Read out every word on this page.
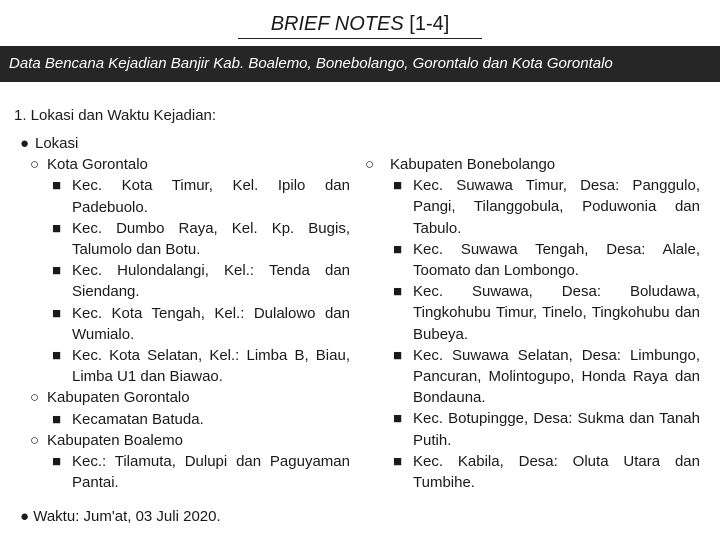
BRIEF NOTES [1-4]
Data Bencana Kejadian Banjir Kab. Boalemo, Bonebolango, Gorontalo dan Kota Gorontalo
1. Lokasi dan Waktu Kejadian:
● Lokasi
○ Kota Gorontalo
■ Kec. Kota Timur, Kel. Ipilo dan Padebuolo.
■ Kec. Dumbo Raya, Kel. Kp. Bugis, Talumolo dan Botu.
■ Kec. Hulondalangi, Kel.: Tenda dan Siendang.
■ Kec. Kota Tengah, Kel.: Dulalowo dan Wumialo.
■ Kec. Kota Selatan, Kel.: Limba B, Biau, Limba U1 dan Biawao.
○ Kabupaten Gorontalo
■ Kecamatan Batuda.
○ Kabupaten Boalemo
■ Kec.: Tilamuta, Dulupi dan Paguyaman Pantai.
○	Kabupaten Bonebolango
■ Kec. Suwawa Timur, Desa: Panggulo, Pangi, Tilanggobula, Poduwonia dan Tabulo.
■ Kec. Suwawa Tengah, Desa: Alale, Toomato dan Lombongo.
■ Kec. Suwawa, Desa: Boludawa, Tingkohubu Timur, Tinelo, Tingkohubu dan Bubeya.
■ Kec. Suwawa Selatan, Desa: Limbungo, Pancuran, Molintogupo, Honda Raya dan Bondauna.
■ Kec. Botupingge, Desa: Sukma dan Tanah Putih.
■ Kec. Kabila, Desa: Oluta Utara dan Tumbihe.
● Waktu: Jum'at, 03 Juli 2020.
